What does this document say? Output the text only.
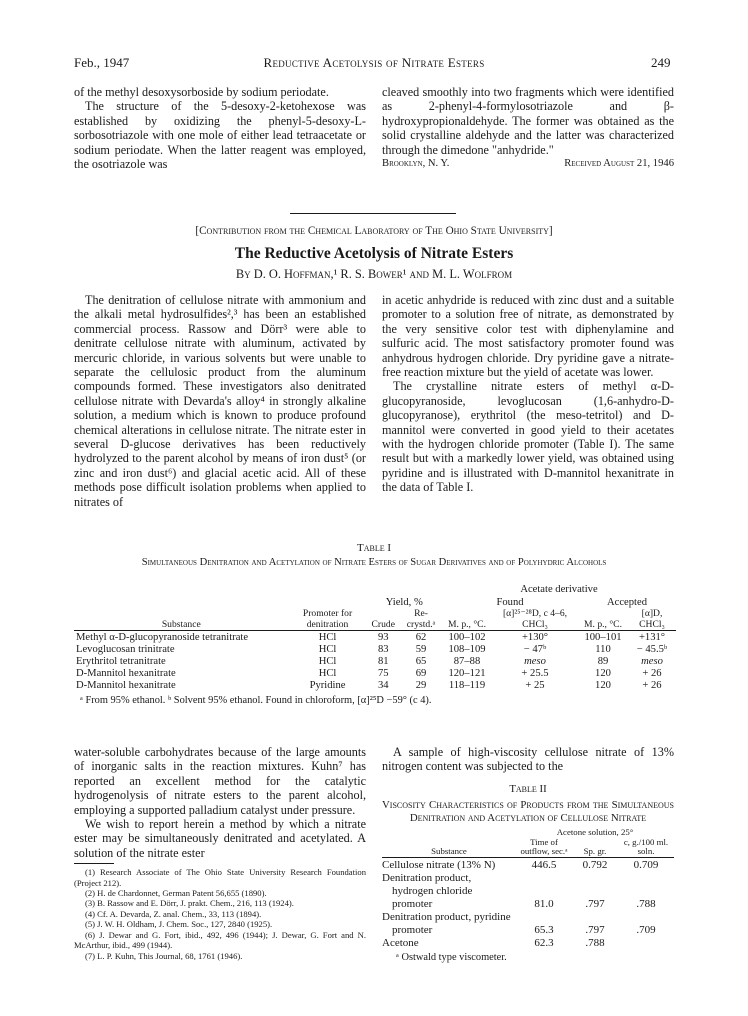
Feb., 1947	Reductive Acetolysis of Nitrate Esters	249

of the methyl desoxysorboside by sodium periodate.

The structure of the 5-desoxy-2-ketohexose was established by oxidizing the phenyl-5-desoxy-L-sorbosotriazole with one mole of either lead tetraacetate or sodium periodate. When the latter reagent was employed, the osotriazole was

cleaved smoothly into two fragments which were identified as 2-phenyl-4-formylosotriazole and β-hydroxypropionaldehyde. The former was obtained as the solid crystalline aldehyde and the latter was characterized through the dimedone "anhydride."

Brooklyn, N. Y.	Received August 21, 1946
[Contribution from the Chemical Laboratory of The Ohio State University]
The Reductive Acetolysis of Nitrate Esters
By D. O. Hoffman,¹ R. S. Bower¹ and M. L. Wolfrom

The denitration of cellulose nitrate with ammonium and the alkali metal hydrosulfides²,³ has been an established commercial process. Rassow and Dörr³ were able to denitrate cellulose nitrate with aluminum, activated by mercuric chloride, in various solvents but were unable to separate the cellulosic product from the aluminum compounds formed. These investigators also denitrated cellulose nitrate with Devarda's alloy⁴ in strongly alkaline solution, a medium which is known to produce profound chemical alterations in cellulose nitrate. The nitrate ester in several D-glucose derivatives has been reductively hydrolyzed to the parent alcohol by means of iron dust⁵ (or zinc and iron dust⁶) and glacial acetic acid. All of these methods pose difficult isolation problems when applied to nitrates of

in acetic anhydride is reduced with zinc dust and a suitable promoter to a solution free of nitrate, as demonstrated by the very sensitive color test with diphenylamine and sulfuric acid. The most satisfactory promoter found was anhydrous hydrogen chloride. Dry pyridine gave a nitrate-free reaction mixture but the yield of acetate was lower.

The crystalline nitrate esters of methyl α-D-glucopyranoside, levoglucosan (1,6-anhydro-D-glucopyranose), erythritol (the meso-tetritol) and D-mannitol were converted in good yield to their acetates with the hydrogen chloride promoter (Table I). The same result but with a markedly lower yield, was obtained using pyridine and is illustrated with D-mannitol hexanitrate in the data of Table I.

Table I
Simultaneous Denitration and Acetylation of Nitrate Esters of Sugar Derivatives and of Polyhydric Alcohols
				Acetate derivative			
		Yield, %		Found		Accepted	
Substance	Promoter for denitration	Crude	Re-crystd.ᵃ	M. p., °C.	[α]²⁵⁻²⁸D, c 4–6, CHCl₃	M. p., °C.	[α]D, CHCl₃

Methyl α-D-glucopyranoside tetranitrate	HCl	93	62	100–102	+130°	100–101	+131°
Levoglucosan trinitrate	HCl	83	59	108–109	− 47ᵇ	110	− 45.5ᵇ
Erythritol tetranitrate	HCl	81	65	87–88	meso	89	meso
D-Mannitol hexanitrate	HCl	75	69	120–121	+ 25.5	120	+ 26
D-Mannitol hexanitrate	Pyridine	34	29	118–119	+ 25	120	+ 26
ᵃ From 95% ethanol. ᵇ Solvent 95% ethanol. Found in chloroform, [α]²⁵D −59° (c 4).

water-soluble carbohydrates because of the large amounts of inorganic salts in the reaction mixtures. Kuhn⁷ has reported an excellent method for the catalytic hydrogenolysis of nitrate esters to the parent alcohol, employing a supported palladium catalyst under pressure.

We wish to report herein a method by which a nitrate ester may be simultaneously denitrated and acetylated. A solution of the nitrate ester

(1) Research Associate of The Ohio State University Research Foundation (Project 212).

(2) H. de Chardonnet, German Patent 56,655 (1890).

(3) B. Rassow and E. Dörr, J. prakt. Chem., 216, 113 (1924).

(4) Cf. A. Devarda, Z. anal. Chem., 33, 113 (1894).

(5) J. W. H. Oldham, J. Chem. Soc., 127, 2840 (1925).

(6) J. Dewar and G. Fort, ibid., 492, 496 (1944); J. Dewar, G. Fort and N. McArthur, ibid., 499 (1944).

(7) L. P. Kuhn, This Journal, 68, 1761 (1946).

A sample of high-viscosity cellulose nitrate of 13% nitrogen content was subjected to the

Table II
Viscosity Characteristics of Products from the Simultaneous Denitration and Acetylation of Cellulose Nitrate
	Acetone solution, 25°		
Substance	Time of outflow, sec.ᵃ	Sp. gr.	c, g./100 ml. soln.

Cellulose nitrate (13% N)	446.5	0.792	0.709
Denitration product, hydrogen chloride promoter	81.0	.797	.788
Denitration product, pyridine promoter	65.3	.797	.709
Acetone	62.3	.788	
ᵃ Ostwald type viscometer.
